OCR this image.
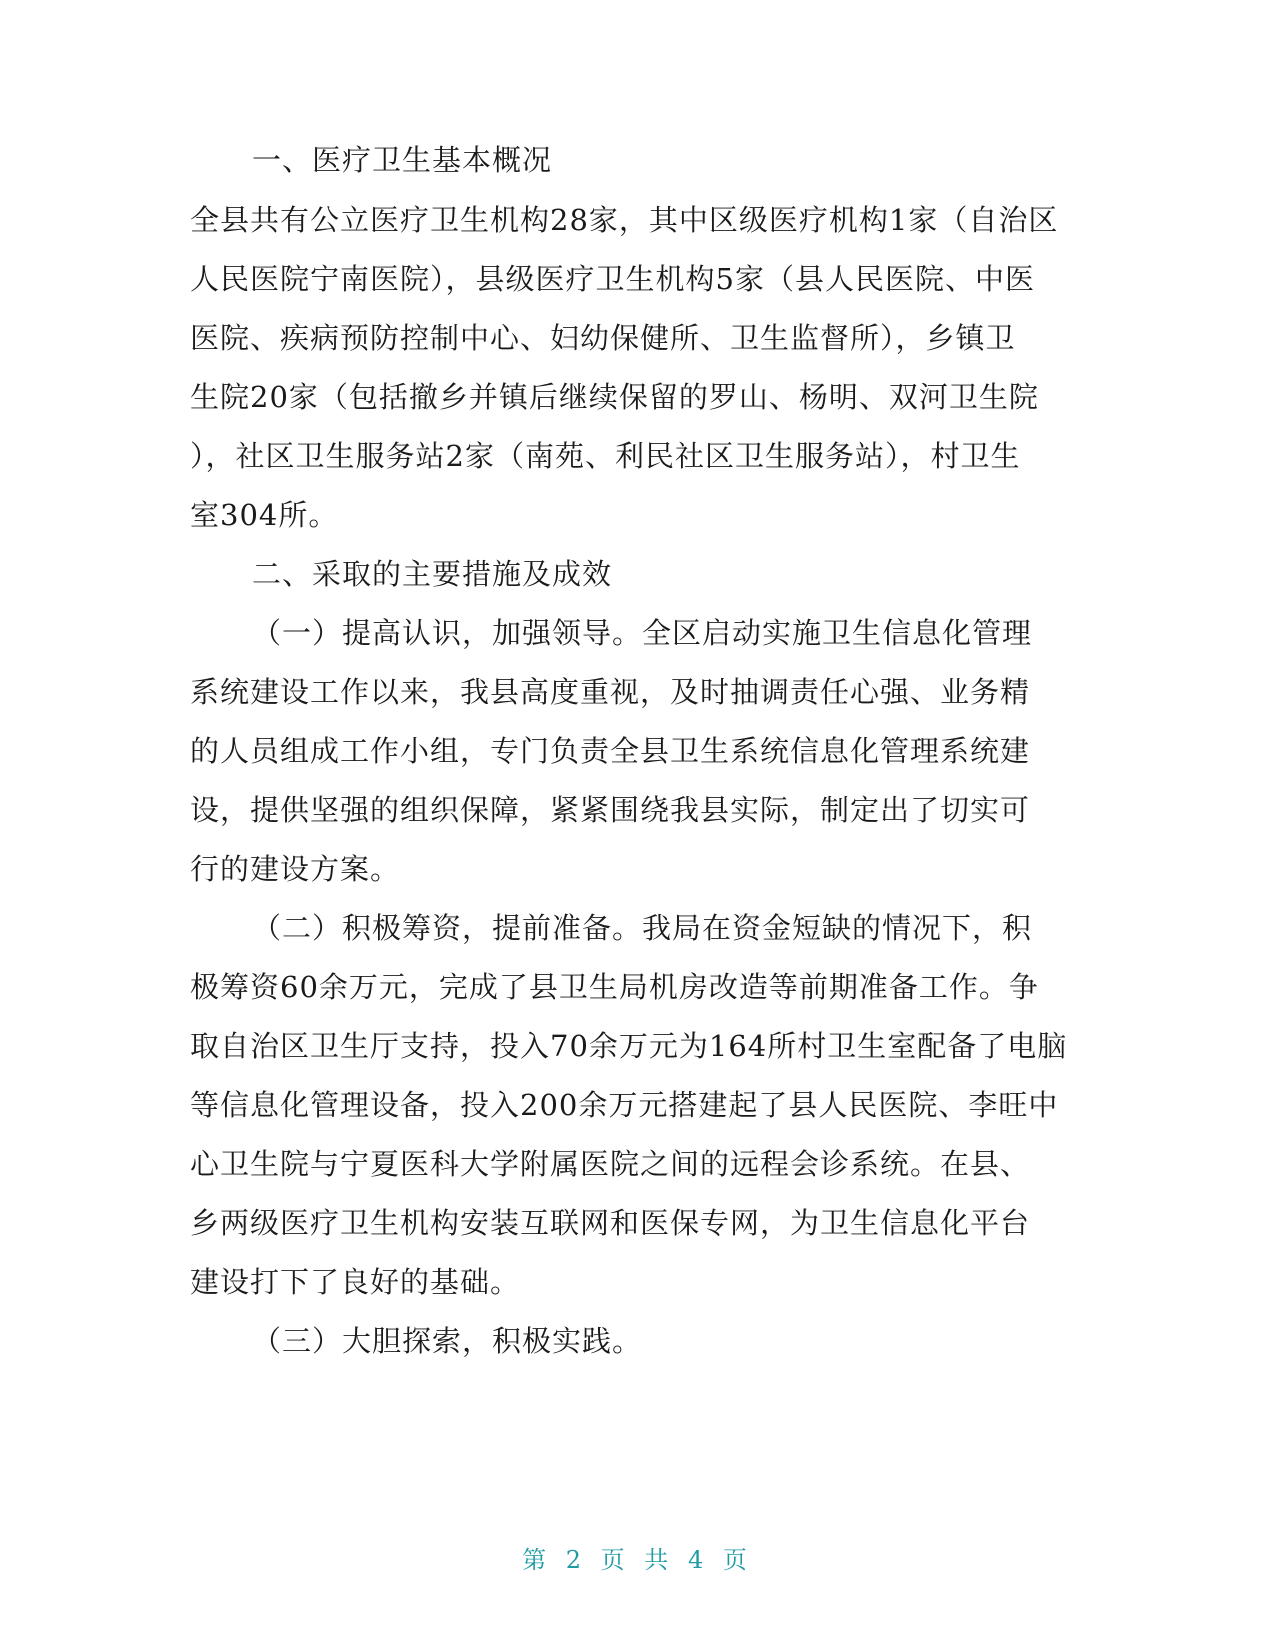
一、医疗卫生基本概况
全县共有公立医疗卫生机构28家，其中区级医疗机构1家（自治区
人民医院宁南医院），县级医疗卫生机构5家（县人民医院、中医
医院、疾病预防控制中心、妇幼保健所、卫生监督所），乡镇卫
生院20家（包括撤乡并镇后继续保留的罗山、杨明、双河卫生院
），社区卫生服务站2家（南苑、利民社区卫生服务站），村卫生
室304所。
二、采取的主要措施及成效
（一）提高认识，加强领导。全区启动实施卫生信息化管理
系统建设工作以来，我县高度重视，及时抽调责任心强、业务精
的人员组成工作小组，专门负责全县卫生系统信息化管理系统建
设，提供坚强的组织保障，紧紧围绕我县实际，制定出了切实可
行的建设方案。
（二）积极筹资，提前准备。我局在资金短缺的情况下，积
极筹资60余万元，完成了县卫生局机房改造等前期准备工作。争
取自治区卫生厅支持，投入70余万元为164所村卫生室配备了电脑
等信息化管理设备，投入200余万元搭建起了县人民医院、李旺中
心卫生院与宁夏医科大学附属医院之间的远程会诊系统。在县、
乡两级医疗卫生机构安装互联网和医保专网，为卫生信息化平台
建设打下了良好的基础。
（三）大胆探索，积极实践。
第 2 页 共 4 页
